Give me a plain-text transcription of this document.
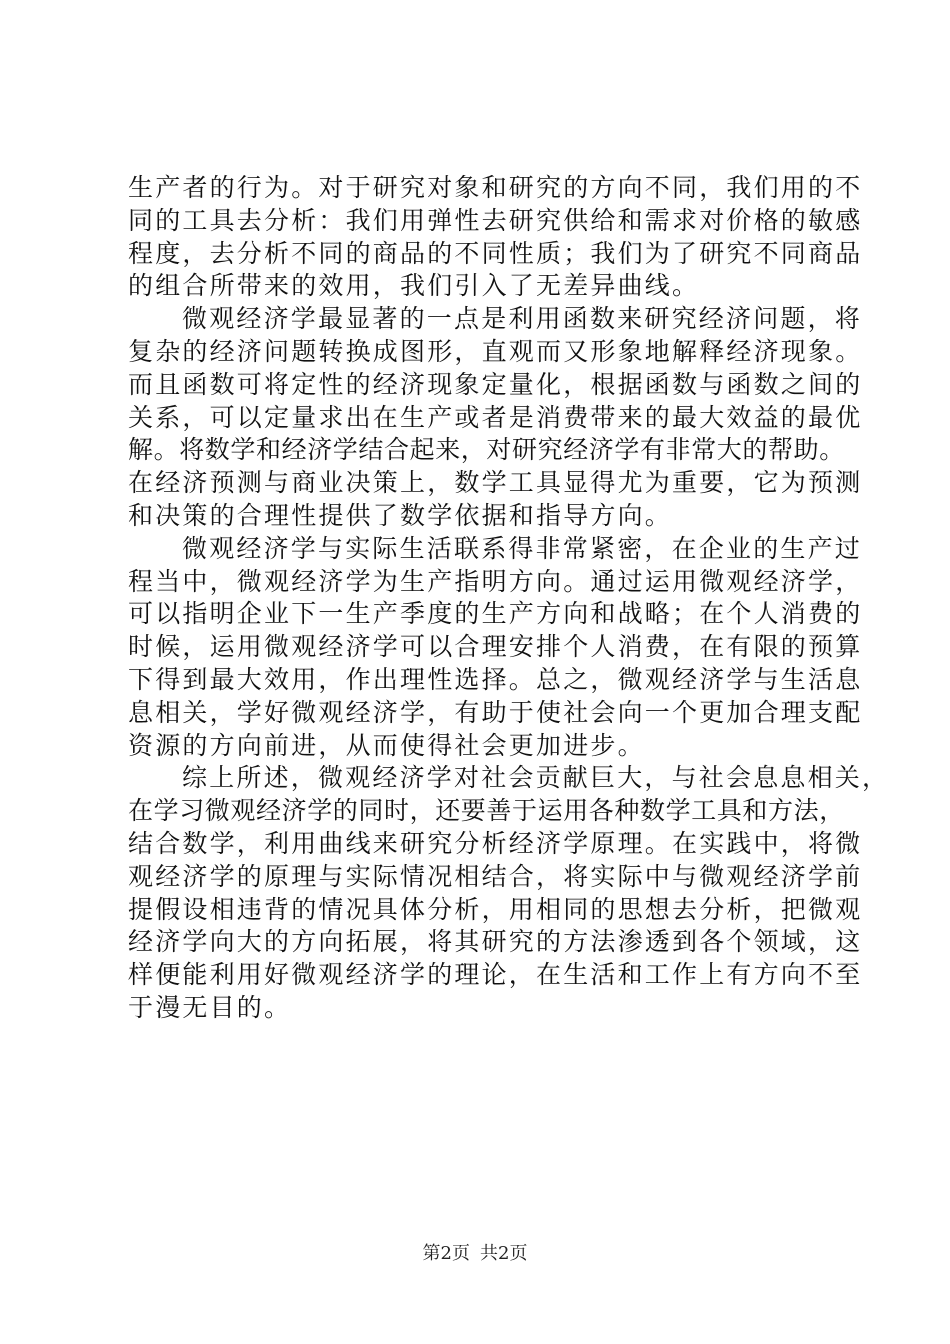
生产者的行为。对于研究对象和研究的方向不同，我们用的不
同的工具去分析：我们用弹性去研究供给和需求对价格的敏感
程度，去分析不同的商品的不同性质；我们为了研究不同商品
的组合所带来的效用，我们引入了无差异曲线。
微观经济学最显著的一点是利用函数来研究经济问题，将
复杂的经济问题转换成图形，直观而又形象地解释经济现象。
而且函数可将定性的经济现象定量化，根据函数与函数之间的
关系，可以定量求出在生产或者是消费带来的最大效益的最优
解。将数学和经济学结合起来，对研究经济学有非常大的帮助。
在经济预测与商业决策上，数学工具显得尤为重要，它为预测
和决策的合理性提供了数学依据和指导方向。
微观经济学与实际生活联系得非常紧密，在企业的生产过
程当中，微观经济学为生产指明方向。通过运用微观经济学，
可以指明企业下一生产季度的生产方向和战略；在个人消费的
时候，运用微观经济学可以合理安排个人消费，在有限的预算
下得到最大效用，作出理性选择。总之，微观经济学与生活息
息相关，学好微观经济学，有助于使社会向一个更加合理支配
资源的方向前进，从而使得社会更加进步。
综上所述，微观经济学对社会贡献巨大，与社会息息相关，
在学习微观经济学的同时，还要善于运用各种数学工具和方法，
结合数学，利用曲线来研究分析经济学原理。在实践中，将微
观经济学的原理与实际情况相结合，将实际中与微观经济学前
提假设相违背的情况具体分析，用相同的思想去分析，把微观
经济学向大的方向拓展，将其研究的方法渗透到各个领域，这
样便能利用好微观经济学的理论，在生活和工作上有方向不至
于漫无目的。
第2页 共2页
